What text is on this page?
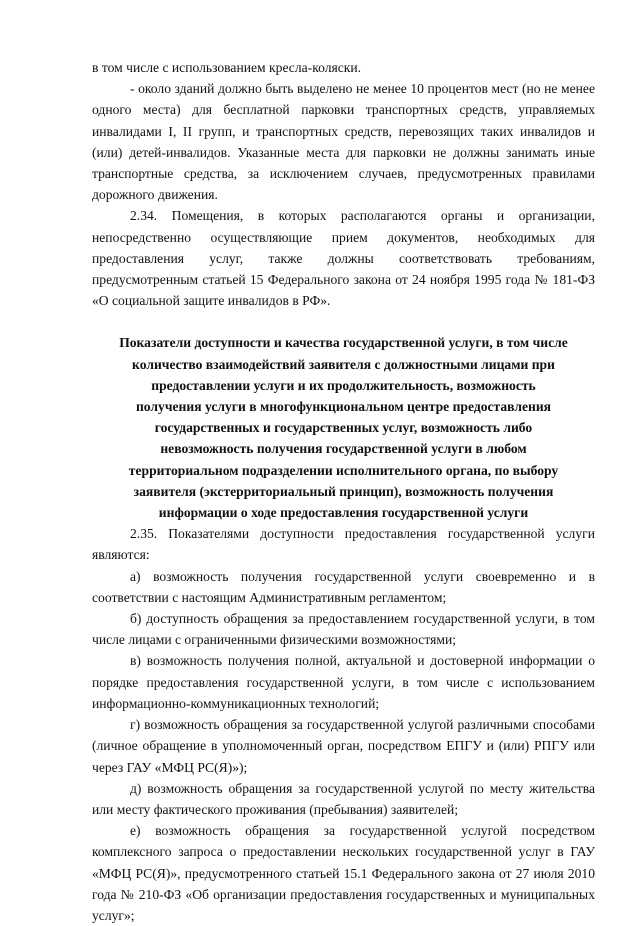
в том числе с использованием кресла-коляски.

- около зданий должно быть выделено не менее 10 процентов мест (но не менее одного места) для бесплатной парковки транспортных средств, управляемых инвалидами I, II групп, и транспортных средств, перевозящих таких инвалидов и (или) детей-инвалидов. Указанные места для парковки не должны занимать иные транспортные средства, за исключением случаев, предусмотренных правилами дорожного движения.

2.34. Помещения, в которых располагаются органы и организации, непосредственно осуществляющие прием документов, необходимых для предоставления услуг, также должны соответствовать требованиям, предусмотренным статьей 15 Федерального закона от 24 ноября 1995 года № 181-ФЗ «О социальной защите инвалидов в РФ».

Показатели доступности и качества государственной услуги, в том числе
количество взаимодействий заявителя с должностными лицами при
предоставлении услуги и их продолжительность, возможность
получения услуги в многофункциональном центре предоставления
государственных и государственных услуг, возможность либо
невозможность получения государственной услуги в любом
территориальном подразделении исполнительного органа, по выбору
заявителя (экстерриториальный принцип), возможность получения
информации о ходе предоставления государственной услуги

2.35. Показателями доступности предоставления государственной услуги являются:

а) возможность получения государственной услуги своевременно и в соответствии с настоящим Административным регламентом;

б) доступность обращения за предоставлением государственной услуги, в том числе лицами с ограниченными физическими возможностями;

в) возможность получения полной, актуальной и достоверной информации о порядке предоставления государственной услуги, в том числе с использованием информационно-коммуникационных технологий;

г) возможность обращения за государственной услугой различными способами (личное обращение в уполномоченный орган, посредством ЕПГУ и (или) РПГУ или через ГАУ «МФЦ РС(Я)»);

д) возможность обращения за государственной услугой по месту жительства или месту фактического проживания (пребывания) заявителей;

е) возможность обращения за государственной услугой посредством комплексного запроса о предоставлении нескольких государственной услуг в ГАУ «МФЦ РС(Я)», предусмотренного статьей 15.1 Федерального закона от 27 июля 2010 года № 210-ФЗ «Об организации предоставления государственных и муниципальных услуг»;
